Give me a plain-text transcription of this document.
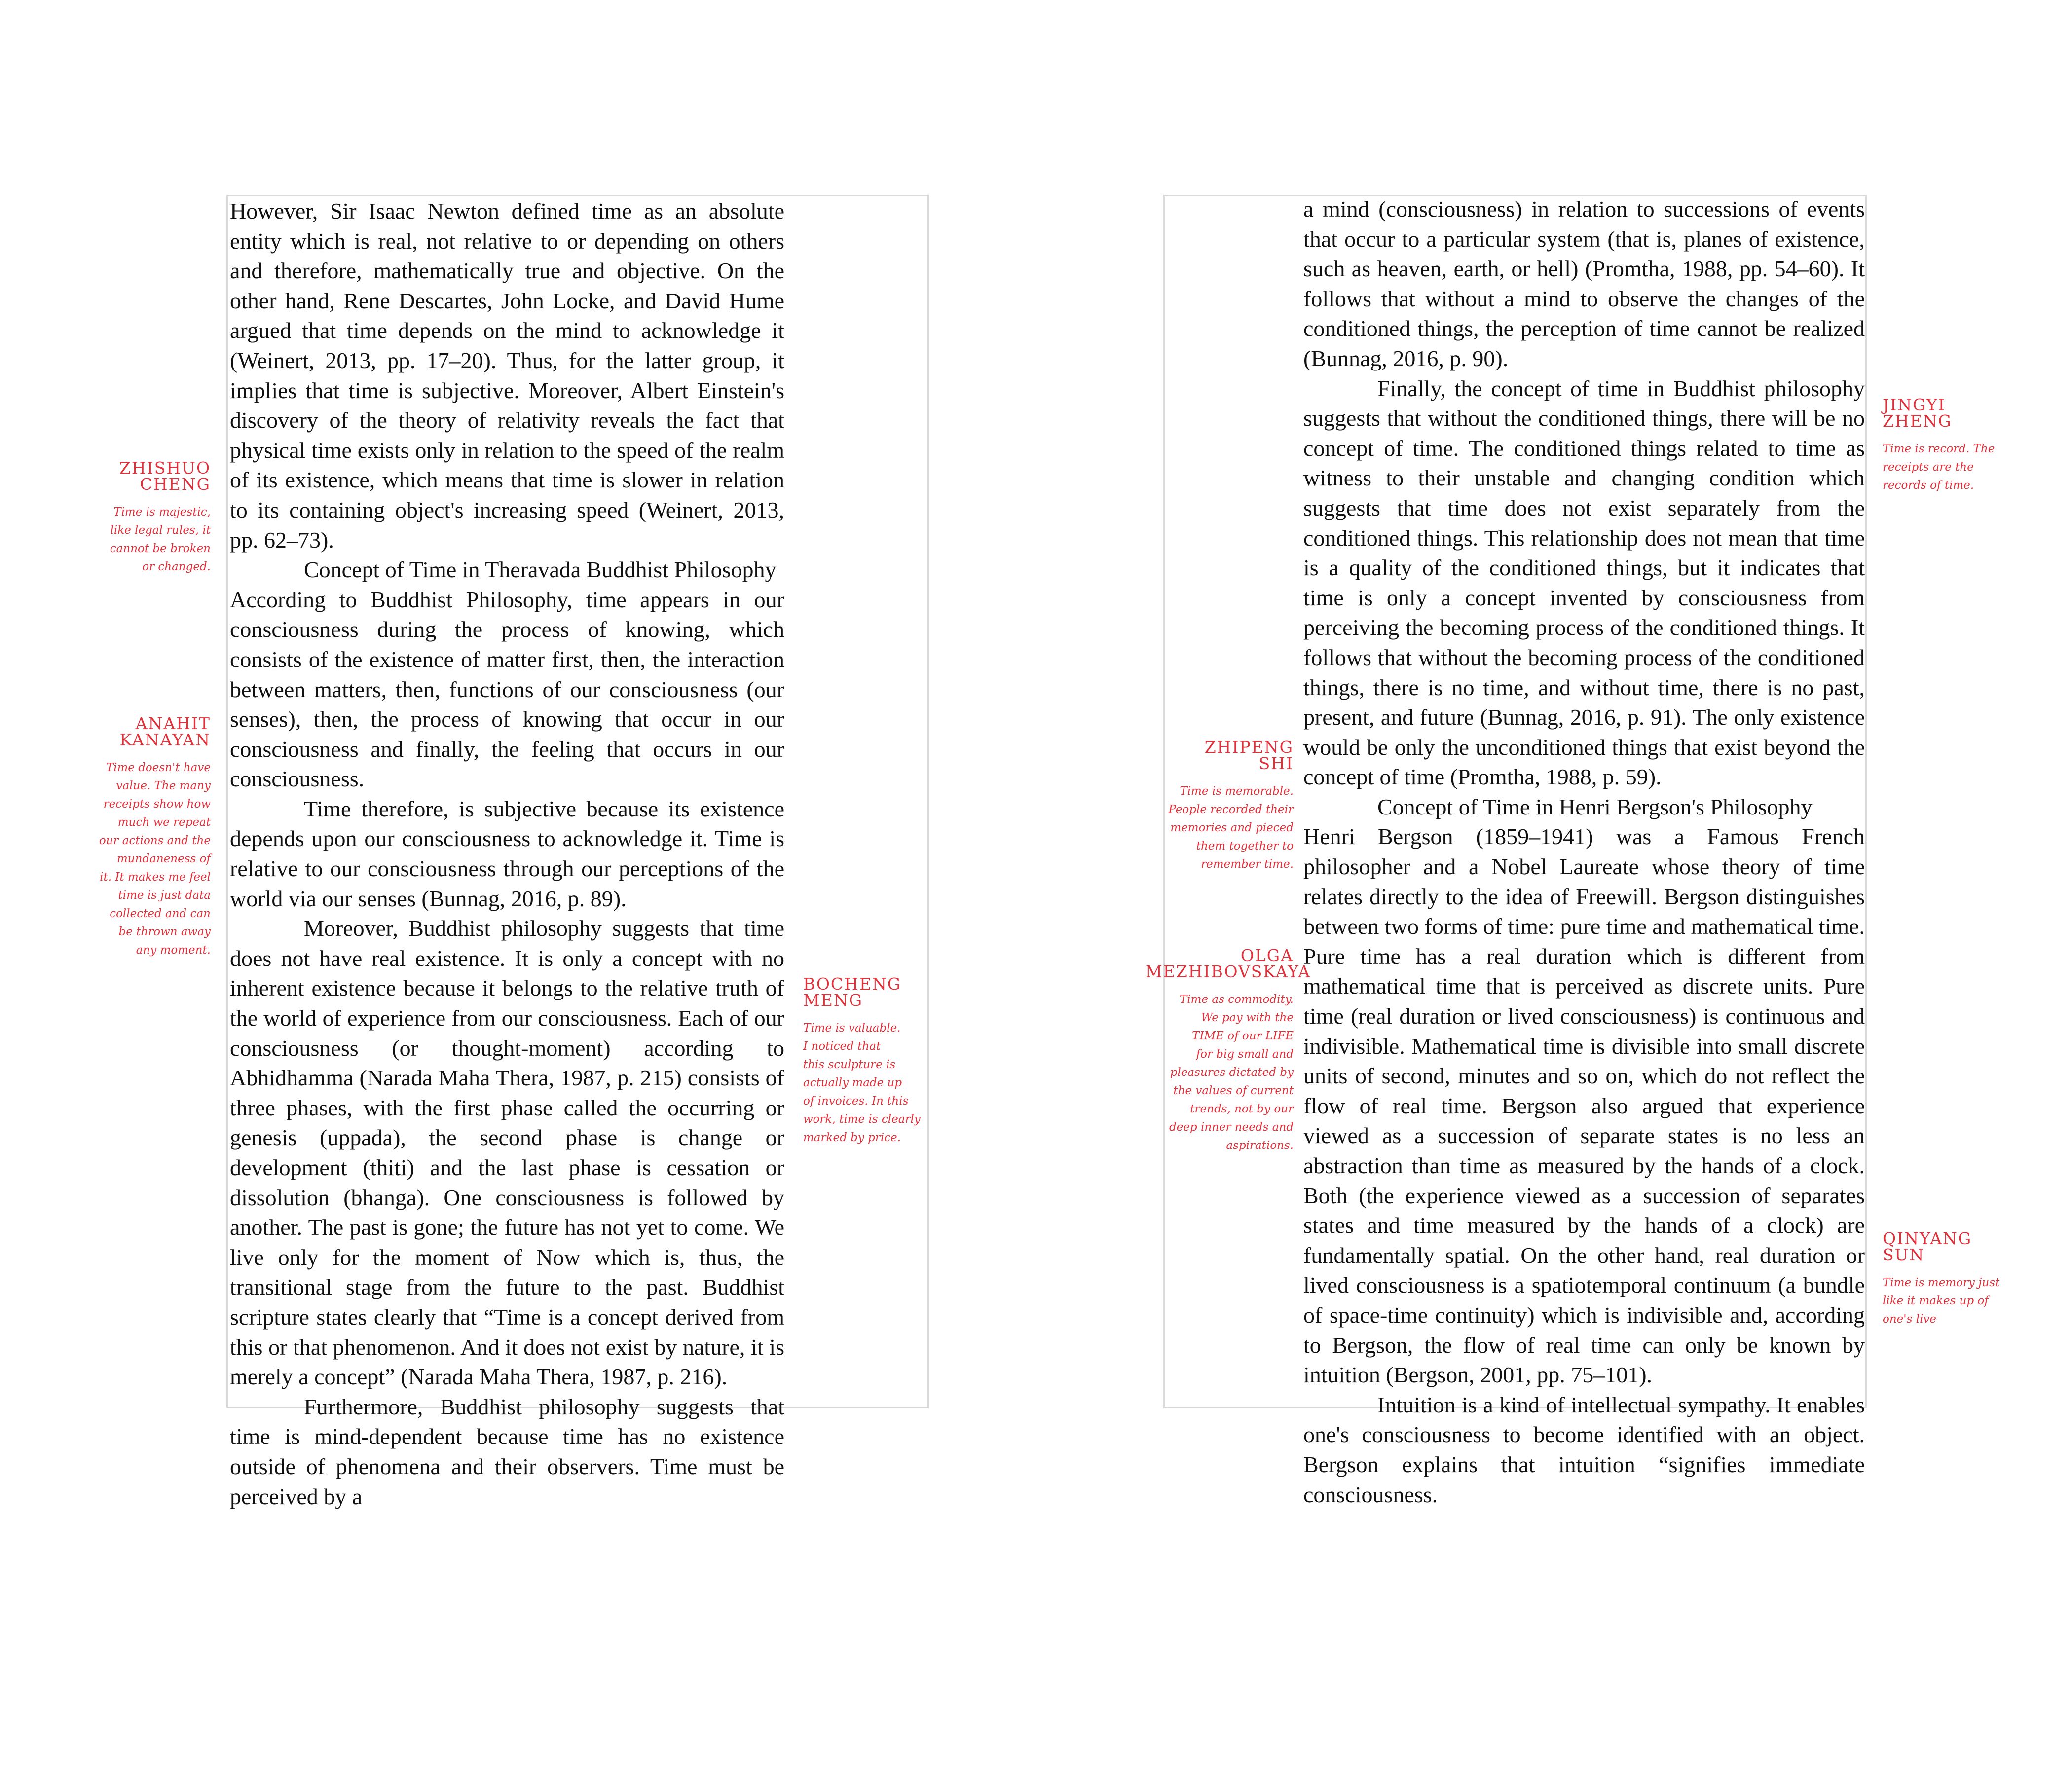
However, Sir Isaac Newton defined time as an absolute entity which is real, not relative to or depending on others and therefore, mathematically true and objective. On the other hand, Rene Descartes, John Locke, and David Hume argued that time depends on the mind to acknowledge it (Weinert, 2013, pp. 17–20). Thus, for the latter group, it implies that time is subjective. Moreover, Albert Einstein's discovery of the theory of relativity reveals the fact that physical time exists only in relation to the speed of the realm of its existence, which means that time is slower in relation to its containing object's increasing speed (Weinert, 2013, pp. 62–73).

Concept of Time in Theravada Buddhist Philosophy

According to Buddhist Philosophy, time appears in our consciousness during the process of knowing, which consists of the existence of matter first, then, the interaction between matters, then, functions of our consciousness (our senses), then, the process of knowing that occur in our consciousness and finally, the feeling that occurs in our consciousness.

Time therefore, is subjective because its existence depends upon our consciousness to acknowledge it. Time is relative to our consciousness through our perceptions of the world via our senses (Bunnag, 2016, p. 89).

Moreover, Buddhist philosophy suggests that time does not have real existence. It is only a concept with no inherent existence because it belongs to the relative truth of the world of experience from our consciousness. Each of our consciousness (or thought-moment) according to Abhidhamma (Narada Maha Thera, 1987, p. 215) consists of three phases, with the first phase called the occurring or genesis (uppada), the second phase is change or development (thiti) and the last phase is cessation or dissolution (bhanga). One consciousness is followed by another. The past is gone; the future has not yet to come. We live only for the moment of Now which is, thus, the transitional stage from the future to the past. Buddhist scripture states clearly that “Time is a concept derived from this or that phenomenon. And it does not exist by nature, it is merely a concept” (Narada Maha Thera, 1987, p. 216).

Furthermore, Buddhist philosophy suggests that time is mind-dependent because time has no existence outside of phenomena and their observers. Time must be perceived by a

a mind (consciousness) in relation to successions of events that occur to a particular system (that is, planes of existence, such as heaven, earth, or hell) (Promtha, 1988, pp. 54–60). It follows that without a mind to observe the changes of the conditioned things, the perception of time cannot be realized (Bunnag, 2016, p. 90).

Finally, the concept of time in Buddhist philosophy suggests that without the conditioned things, there will be no concept of time. The conditioned things related to time as witness to their unstable and changing condition which suggests that time does not exist separately from the conditioned things. This relationship does not mean that time is a quality of the conditioned things, but it indicates that time is only a concept invented by consciousness from perceiving the becoming process of the conditioned things. It follows that without the becoming process of the conditioned things, there is no time, and without time, there is no past, present, and future (Bunnag, 2016, p. 91). The only existence would be only the unconditioned things that exist beyond the concept of time (Promtha, 1988, p. 59).

Concept of Time in Henri Bergson's Philosophy

Henri Bergson (1859–1941) was a Famous French philosopher and a Nobel Laureate whose theory of time relates directly to the idea of Freewill. Bergson distinguishes between two forms of time: pure time and mathematical time. Pure time has a real duration which is different from mathematical time that is perceived as discrete units. Pure time (real duration or lived consciousness) is continuous and indivisible. Mathematical time is divisible into small discrete units of second, minutes and so on, which do not reflect the flow of real time. Bergson also argued that experience viewed as a succession of separate states is no less an abstraction than time as measured by the hands of a clock. Both (the experience viewed as a succession of separates states and time measured by the hands of a clock) are fundamentally spatial. On the other hand, real duration or lived consciousness is a spatiotemporal continuum (a bundle of space-time continuity) which is indivisible and, according to Bergson, the flow of real time can only be known by intuition (Bergson, 2001, pp. 75–101).

Intuition is a kind of intellectual sympathy. It enables one's consciousness to become identified with an object. Bergson explains that intuition “signifies immediate consciousness.

ZHISHUO
CHENG
Time is majestic,
like legal rules, it
cannot be broken
or changed.
ANAHIT
KANAYAN
Time doesn't have
value. The many
receipts show how
much we repeat
our actions and the
mundaneness of
it. It makes me feel
time is just data
collected and can
be thrown away
any moment.
BOCHENG
MENG
Time is valuable.
I noticed that
this sculpture is
actually made up
of invoices. In this
work, time is clearly
marked by price.
ZHIPENG
SHI
Time is memorable.
People recorded their
memories and pieced
them together to
remember time.
OLGA
MEZHIBOVSKAYA
Time as commodity.
We pay with the
TIME of our LIFE
for big small and
pleasures dictated by
the values of current
trends, not by our
deep inner needs and
aspirations.
JINGYI
ZHENG
Time is record. The
receipts are the
records of time.
QINYANG
SUN
Time is memory just
like it makes up of
one's live
